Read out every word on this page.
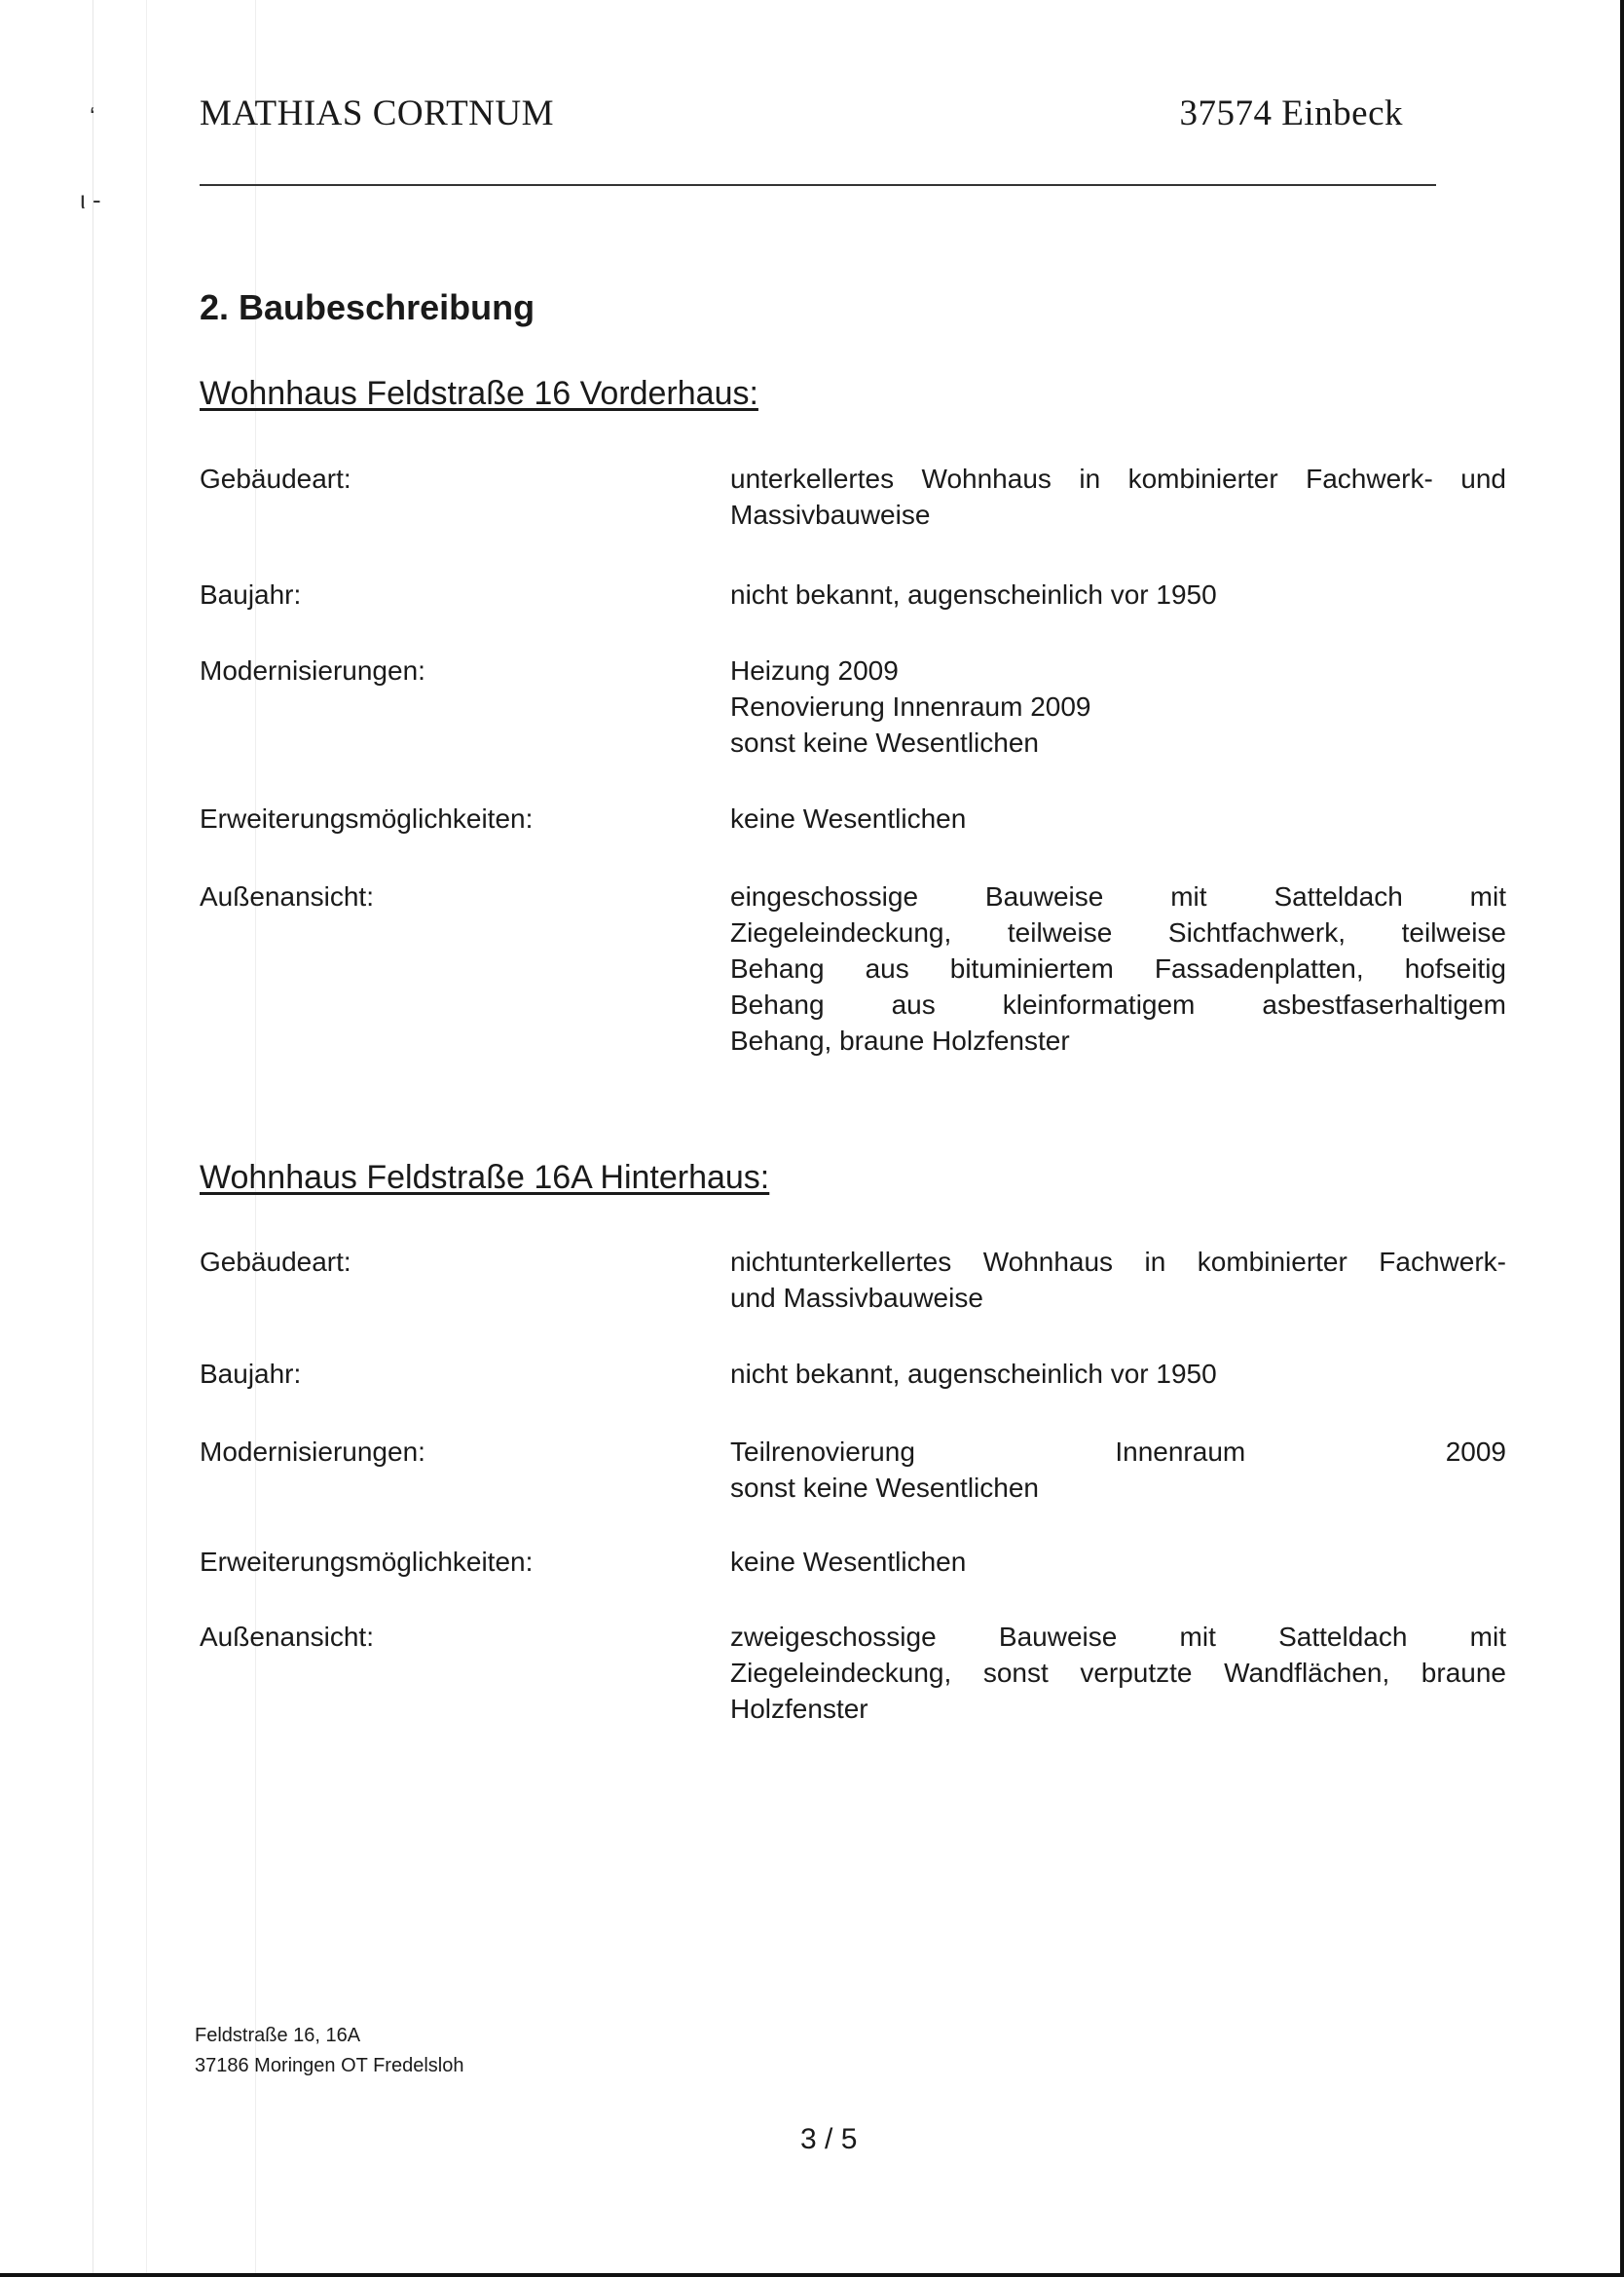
ʻ
ι -
MATHIAS CORTNUM	37574 Einbeck
2. Baubeschreibung
Wohnhaus Feldstraße 16 Vorderhaus:
Gebäudeart:	unterkellertes Wohnhaus in kombinierter Fachwerk- und
Massivbauweise
Baujahr:	nicht bekannt, augenscheinlich vor 1950
Modernisierungen:	Heizung 2009
Renovierung Innenraum 2009
sonst keine Wesentlichen
Erweiterungsmöglichkeiten:	keine Wesentlichen
Außenansicht:	eingeschossige Bauweise mit Satteldach mit
Ziegeleindeckung, teilweise Sichtfachwerk, teilweise
Behang aus bituminiertem Fassadenplatten, hofseitig
Behang aus kleinformatigem asbestfaserhaltigem
Behang, braune Holzfenster
Wohnhaus Feldstraße 16A Hinterhaus:
Gebäudeart:	nichtunterkellertes Wohnhaus in kombinierter Fachwerk-
und Massivbauweise
Baujahr:	nicht bekannt, augenscheinlich vor 1950
Modernisierungen:	Teilrenovierung Innenraum 2009
sonst keine Wesentlichen
Erweiterungsmöglichkeiten:	keine Wesentlichen
Außenansicht:	zweigeschossige Bauweise mit Satteldach mit
Ziegeleindeckung, sonst verputzte Wandflächen, braune
Holzfenster
Feldstraße 16, 16A
37186 Moringen OT Fredelsloh
3 / 5
